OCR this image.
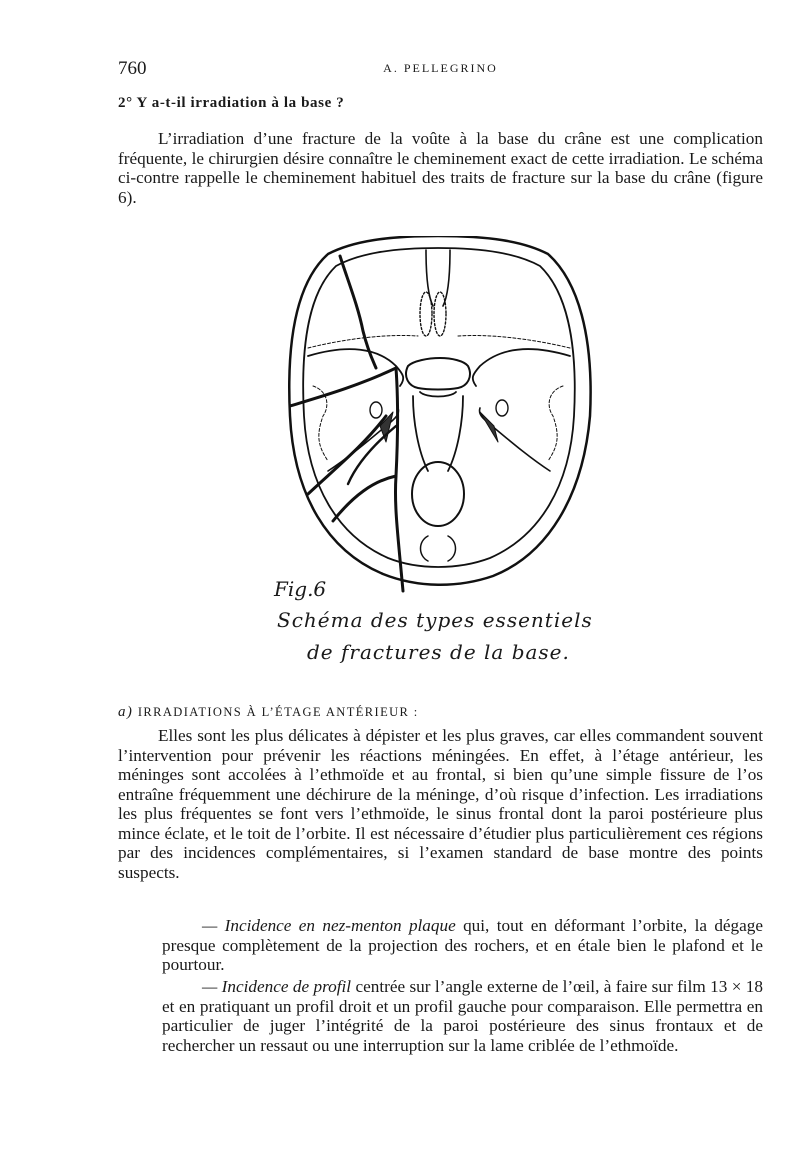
760	A. PELLEGRINO
2° Y a-t-il irradiation à la base ?

L’irradiation d’une fracture de la voûte à la base du crâne est une complication fréquente, le chirurgien désire connaître le cheminement exact de cette irradiation. Le schéma ci-contre rappelle le cheminement habituel des traits de fracture sur la base du crâne (figure 6).

Fig.6
Schéma des types essentiels
de fractures de la base.
a) IRRADIATIONS À L’ÉTAGE ANTÉRIEUR :

Elles sont les plus délicates à dépister et les plus graves, car elles commandent souvent l’intervention pour prévenir les réactions méningées. En effet, à l’étage antérieur, les méninges sont accolées à l’ethmoïde et au frontal, si bien qu’une simple fissure de l’os entraîne fréquemment une déchirure de la méninge, d’où risque d’infection. Les irradiations les plus fréquentes se font vers l’ethmoïde, le sinus frontal dont la paroi postérieure plus mince éclate, et le toit de l’orbite. Il est nécessaire d’étudier plus particulièrement ces régions par des incidences complémentaires, si l’examen standard de base montre des points suspects.

— Incidence en nez-menton plaque qui, tout en déformant l’orbite, la dégage presque complètement de la projection des rochers, et en étale bien le plafond et le pourtour.

— Incidence de profil centrée sur l’angle externe de l’œil, à faire sur film 13 × 18 et en pratiquant un profil droit et un profil gauche pour comparaison. Elle permettra en particulier de juger l’intégrité de la paroi postérieure des sinus frontaux et de rechercher un ressaut ou une interruption sur la lame criblée de l’ethmoïde.
